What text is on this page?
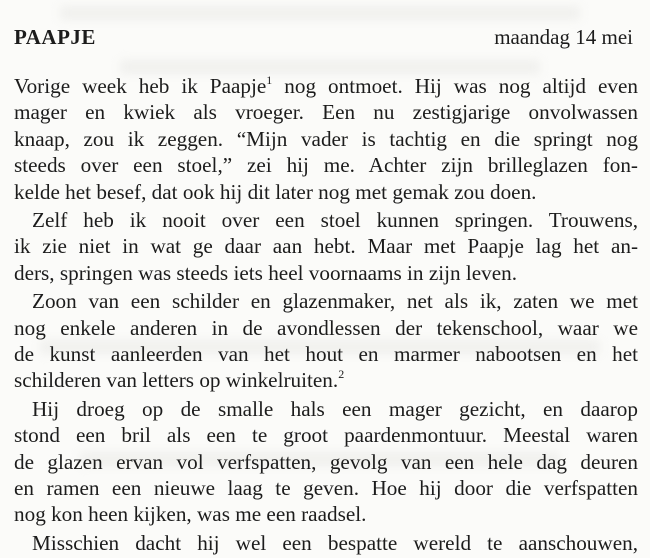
PAAPJE	maandag 14 mei
Vorige week heb ik Paapje$^1$ nog ontmoet. Hij was nog altijd even
mager en kwiek als vroeger. Een nu zestigjarige onvolwassen
knaap, zou ik zeggen. “Mijn vader is tachtig en die springt nog
steeds over een stoel,” zei hij me. Achter zijn brilleglazen fon-
kelde het besef, dat ook hij dit later nog met gemak zou doen.
Zelf heb ik nooit over een stoel kunnen springen. Trouwens,
ik zie niet in wat ge daar aan hebt. Maar met Paapje lag het an-
ders, springen was steeds iets heel voornaams in zijn leven.
Zoon van een schilder en glazenmaker, net als ik, zaten we met
nog enkele anderen in de avondlessen der tekenschool, waar we
de kunst aanleerden van het hout en marmer nabootsen en het
schilderen van letters op winkelruiten.$^2$
Hij droeg op de smalle hals een mager gezicht, en daarop
stond een bril als een te groot paardenmontuur. Meestal waren
de glazen ervan vol verfspatten, gevolg van een hele dag deuren
en ramen een nieuwe laag te geven. Hoe hij door die verfspatten
nog kon heen kijken, was me een raadsel.
Misschien dacht hij wel een bespatte wereld te aanschouwen,
